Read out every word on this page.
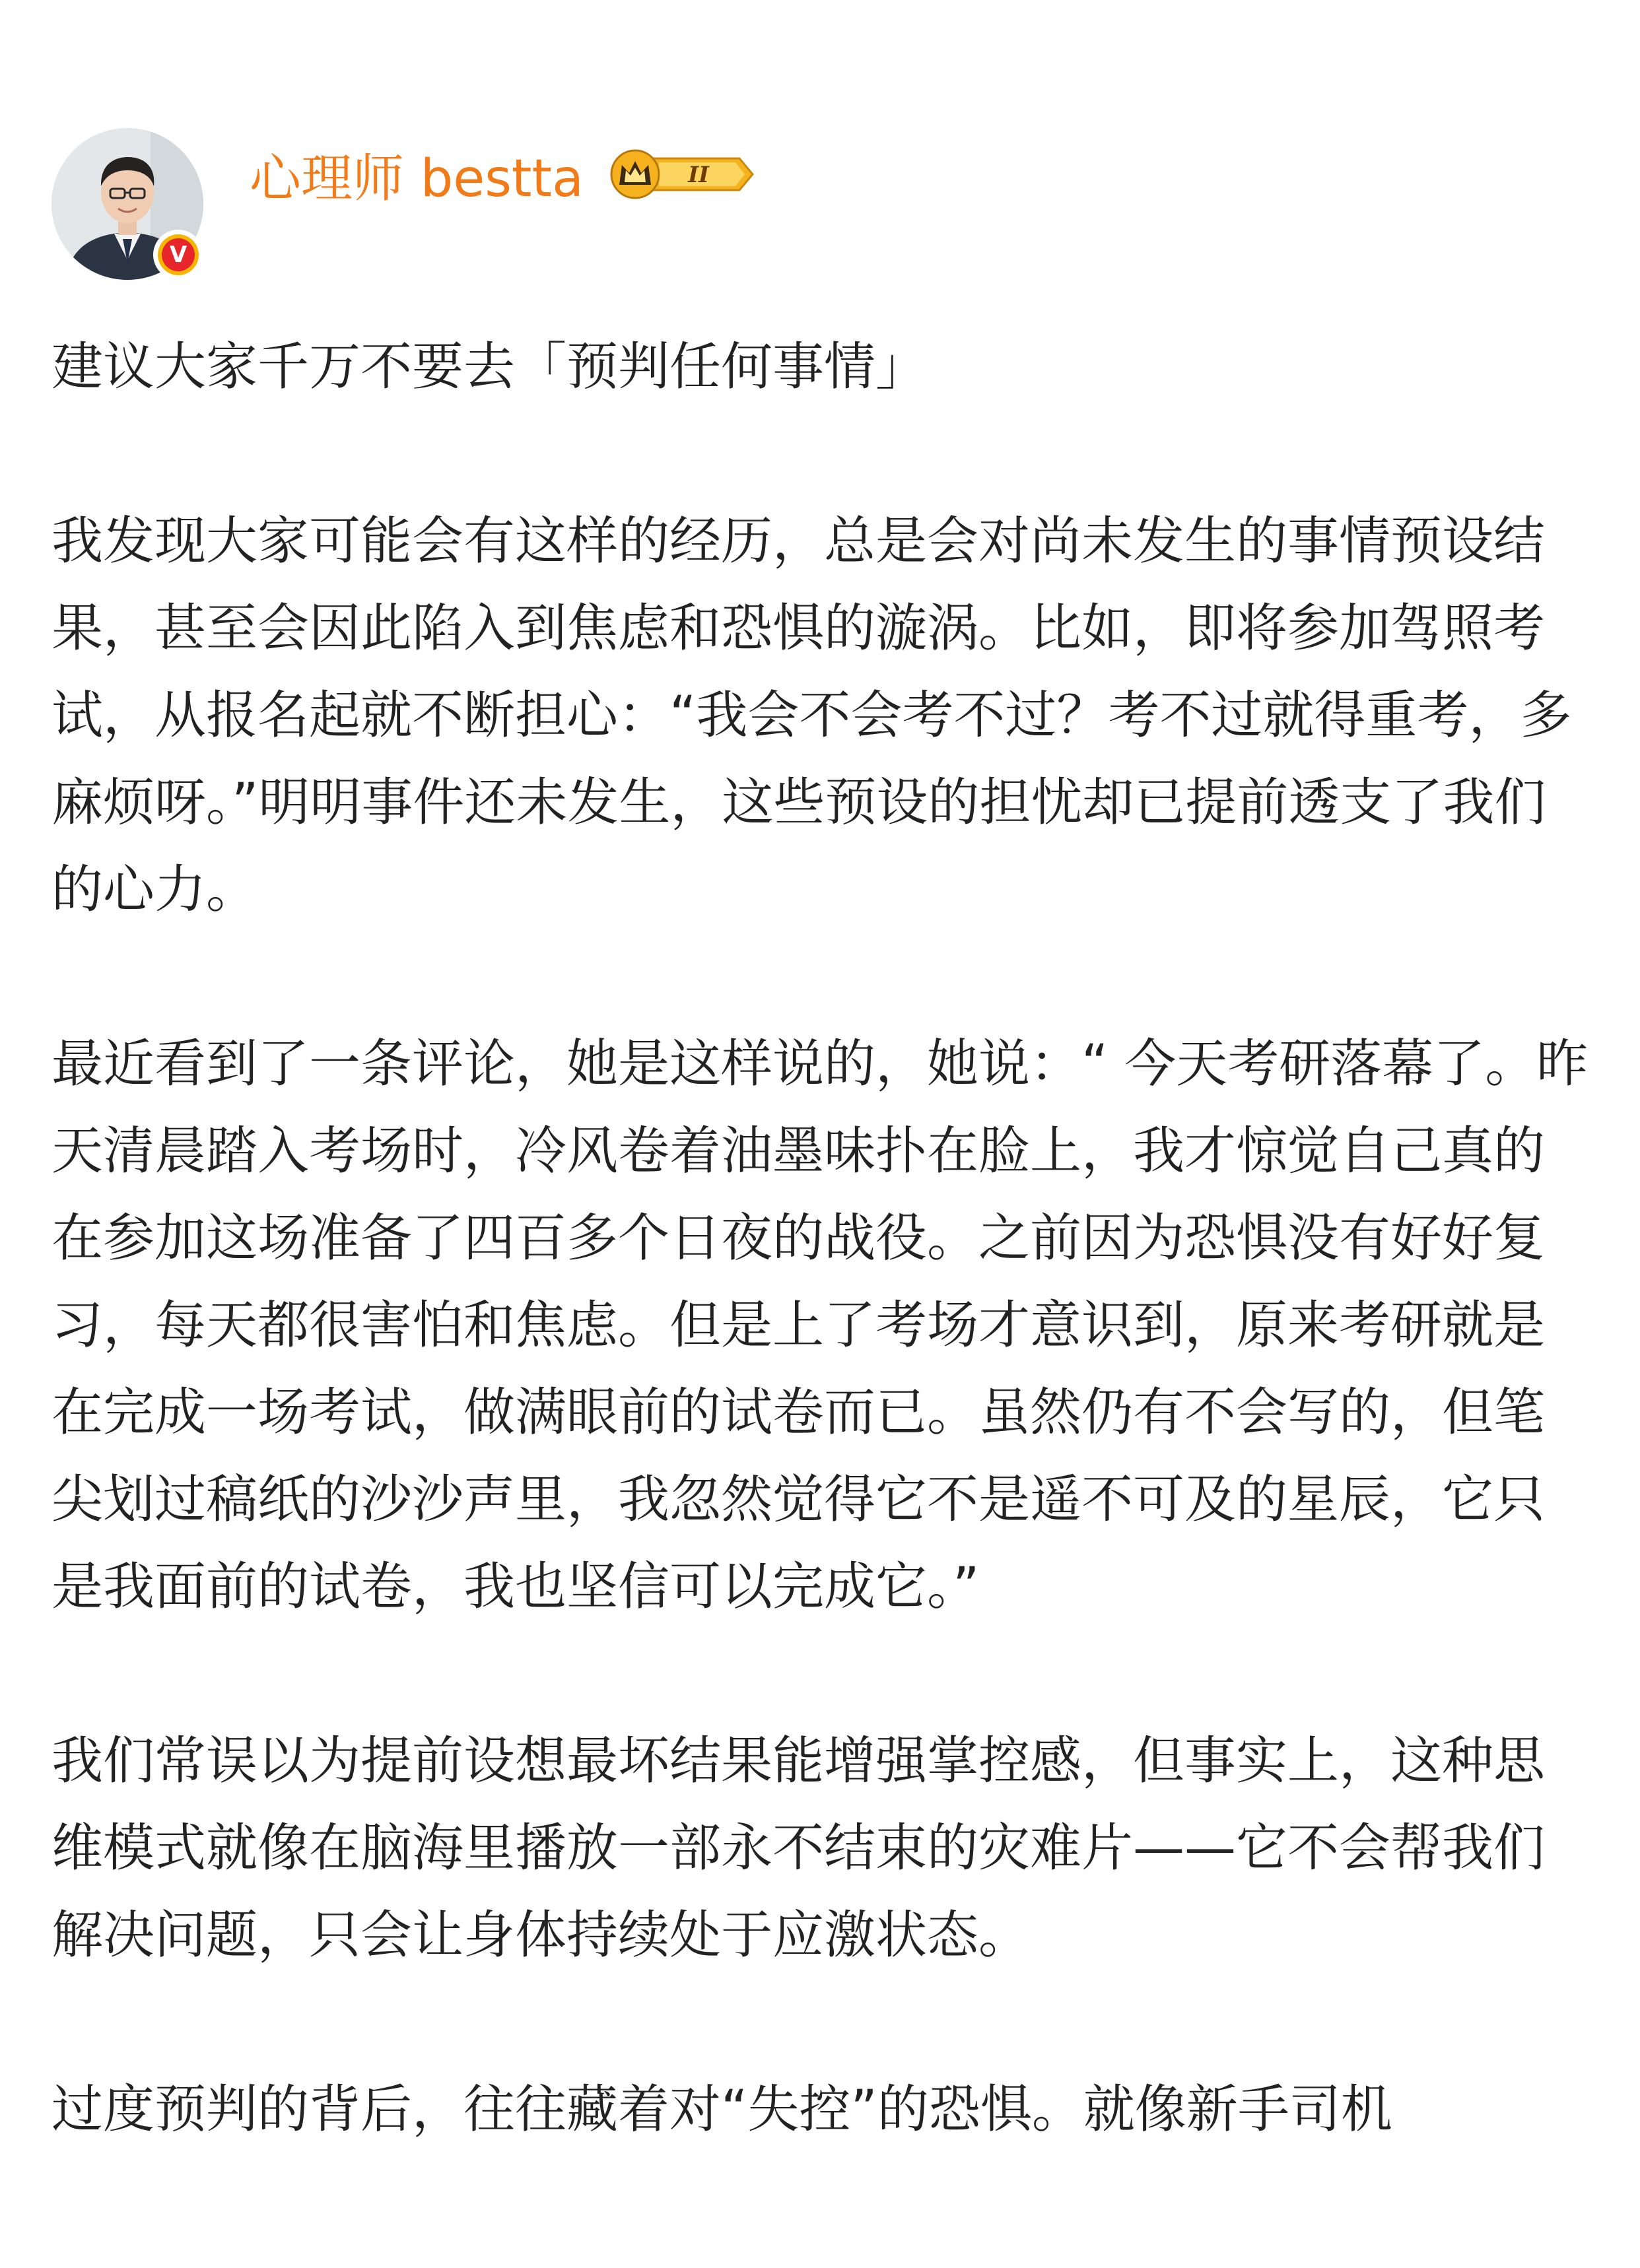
V
心理师 bestta	II

建议大家千万不要去「预判任何事情」

我发现大家可能会有这样的经历，总是会对尚未发生的事情预设结果，甚至会因此陷入到焦虑和恐惧的漩涡。比如，即将参加驾照考试，从报名起就不断担心：“我会不会考不过？考不过就得重考，多麻烦呀。”明明事件还未发生，这些预设的担忧却已提前透支了我们的心力。

最近看到了一条评论，她是这样说的，她说：“ 今天考研落幕了。昨天清晨踏入考场时，冷风卷着油墨味扑在脸上，我才惊觉自己真的在参加这场准备了四百多个日夜的战役。之前因为恐惧没有好好复习，每天都很害怕和焦虑。但是上了考场才意识到，原来考研就是在完成一场考试，做满眼前的试卷而已。虽然仍有不会写的，但笔尖划过稿纸的沙沙声里，我忽然觉得它不是遥不可及的星辰，它只是我面前的试卷，我也坚信可以完成它。”

我们常误以为提前设想最坏结果能增强掌控感，但事实上，这种思维模式就像在脑海里播放一部永不结束的灾难片——它不会帮我们解决问题，只会让身体持续处于应激状态。

过度预判的背后，往往藏着对“失控”的恐惧。就像新手司机
